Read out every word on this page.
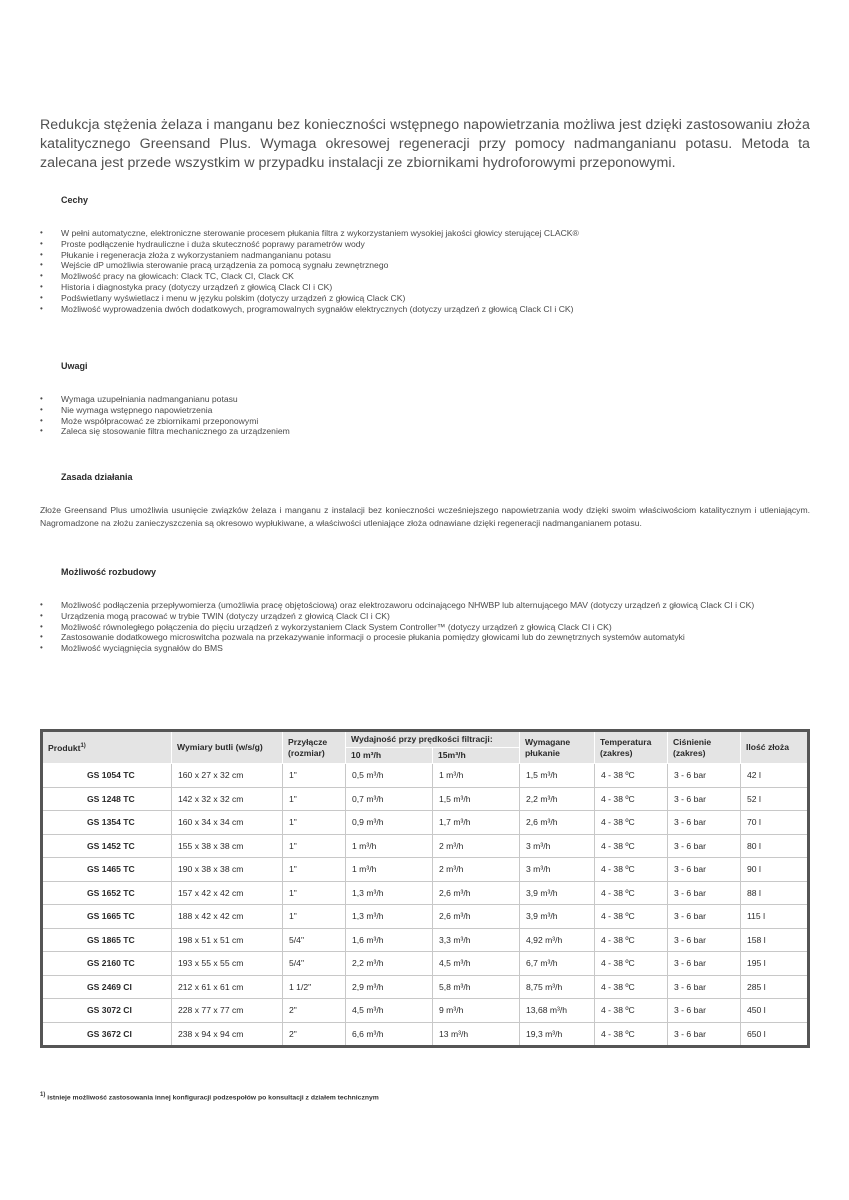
Redukcja stężenia żelaza i manganu bez konieczności wstępnego napowietrzania możliwa jest dzięki zastosowaniu złoża katalitycznego Greensand Plus. Wymaga okresowej regeneracji przy pomocy nadmanganianu potasu. Metoda ta zalecana jest przede wszystkim w przypadku instalacji ze zbiornikami hydroforowymi przeponowymi.

Cechy
• W pełni automatyczne, elektroniczne sterowanie procesem płukania filtra z wykorzystaniem wysokiej jakości głowicy sterującej CLACK®
• Proste podłączenie hydrauliczne i duża skuteczność poprawy parametrów wody
• Płukanie i regeneracja złoża z wykorzystaniem nadmanganianu potasu
• Wejście dP umożliwia sterowanie pracą urządzenia za pomocą sygnału zewnętrznego
• Możliwość pracy na głowicach: Clack TC, Clack CI, Clack CK
• Historia i diagnostyka pracy (dotyczy urządzeń z głowicą Clack CI i CK)
• Podświetlany wyświetlacz i menu w języku polskim (dotyczy urządzeń z głowicą Clack CK)
• Możliwość wyprowadzenia dwóch dodatkowych, programowalnych sygnałów elektrycznych (dotyczy urządzeń z głowicą Clack CI i CK)
Uwagi
• Wymaga uzupełniania nadmanganianu potasu
• Nie wymaga wstępnego napowietrzenia
• Może współpracować ze zbiornikami przeponowymi
• Zaleca się stosowanie filtra mechanicznego za urządzeniem
Zasada działania

Złoże Greensand Plus umożliwia usunięcie związków żelaza i manganu z instalacji bez konieczności wcześniejszego napowietrzania wody dzięki swoim właściwościom katalitycznym i utleniającym. Nagromadzone na złożu zanieczyszczenia są okresowo wypłukiwane, a właściwości utleniające złoża odnawiane dzięki regeneracji nadmanganianem potasu.

Możliwość rozbudowy
• Możliwość podłączenia przepływomierza (umożliwia pracę objętościową) oraz elektrozaworu odcinającego NHWBP lub alternującego MAV (dotyczy urządzeń z głowicą Clack CI i CK)
• Urządzenia mogą pracować w trybie TWIN (dotyczy urządzeń z głowicą Clack CI i CK)
• Możliwość równoległego połączenia do pięciu urządzeń z wykorzystaniem Clack System Controller™ (dotyczy urządzeń z głowicą Clack CI i CK)
• Zastosowanie dodatkowego microswitcha pozwala na przekazywanie informacji o procesie płukania pomiędzy głowicami lub do zewnętrznych systemów automatyki
• Możliwość wyciągnięcia sygnałów do BMS
Produkt$^{1)}$	Wymiary butli (w/s/g)	Przyłącze (rozmiar)	Wydajność przy prędkości filtracji:		Wymagane płukanie	Temperatura (zakres)	Ciśnienie (zakres)	Ilość złoża
			10 m³/h	15m³/h				
GS 1054 TC	160 x 27 x 32 cm	1"	0,5 m³/h	1 m³/h	1,5 m³/h	4 - 38 ºC	3 - 6 bar	42 l
GS 1248 TC	142 x 32 x 32 cm	1"	0,7 m³/h	1,5 m³/h	2,2 m³/h	4 - 38 ºC	3 - 6 bar	52 l
GS 1354 TC	160 x 34 x 34 cm	1"	0,9 m³/h	1,7 m³/h	2,6 m³/h	4 - 38 ºC	3 - 6 bar	70 l
GS 1452 TC	155 x 38 x 38 cm	1"	1 m³/h	2 m³/h	3 m³/h	4 - 38 ºC	3 - 6 bar	80 l
GS 1465 TC	190 x 38 x 38 cm	1"	1 m³/h	2 m³/h	3 m³/h	4 - 38 ºC	3 - 6 bar	90 l
GS 1652 TC	157 x 42 x 42 cm	1"	1,3 m³/h	2,6 m³/h	3,9 m³/h	4 - 38 ºC	3 - 6 bar	88 l
GS 1665 TC	188 x 42 x 42 cm	1"	1,3 m³/h	2,6 m³/h	3,9 m³/h	4 - 38 ºC	3 - 6 bar	115 l
GS 1865 TC	198 x 51 x 51 cm	5/4"	1,6 m³/h	3,3 m³/h	4,92 m³/h	4 - 38 ºC	3 - 6 bar	158 l
GS 2160 TC	193 x 55 x 55 cm	5/4"	2,2 m³/h	4,5 m³/h	6,7 m³/h	4 - 38 ºC	3 - 6 bar	195 l
GS 2469 CI	212 x 61 x 61 cm	1 1/2"	2,9 m³/h	5,8 m³/h	8,75 m³/h	4 - 38 ºC	3 - 6 bar	285 l
GS 3072 CI	228 x 77 x 77 cm	2"	4,5 m³/h	9 m³/h	13,68 m³/h	4 - 38 ºC	3 - 6 bar	450 l
GS 3672 CI	238 x 94 x 94 cm	2"	6,6 m³/h	13 m³/h	19,3 m³/h	4 - 38 ºC	3 - 6 bar	650 l

$^{1)}$ istnieje możliwość zastosowania innej konfiguracji podzespołów po konsultacji z działem technicznym
